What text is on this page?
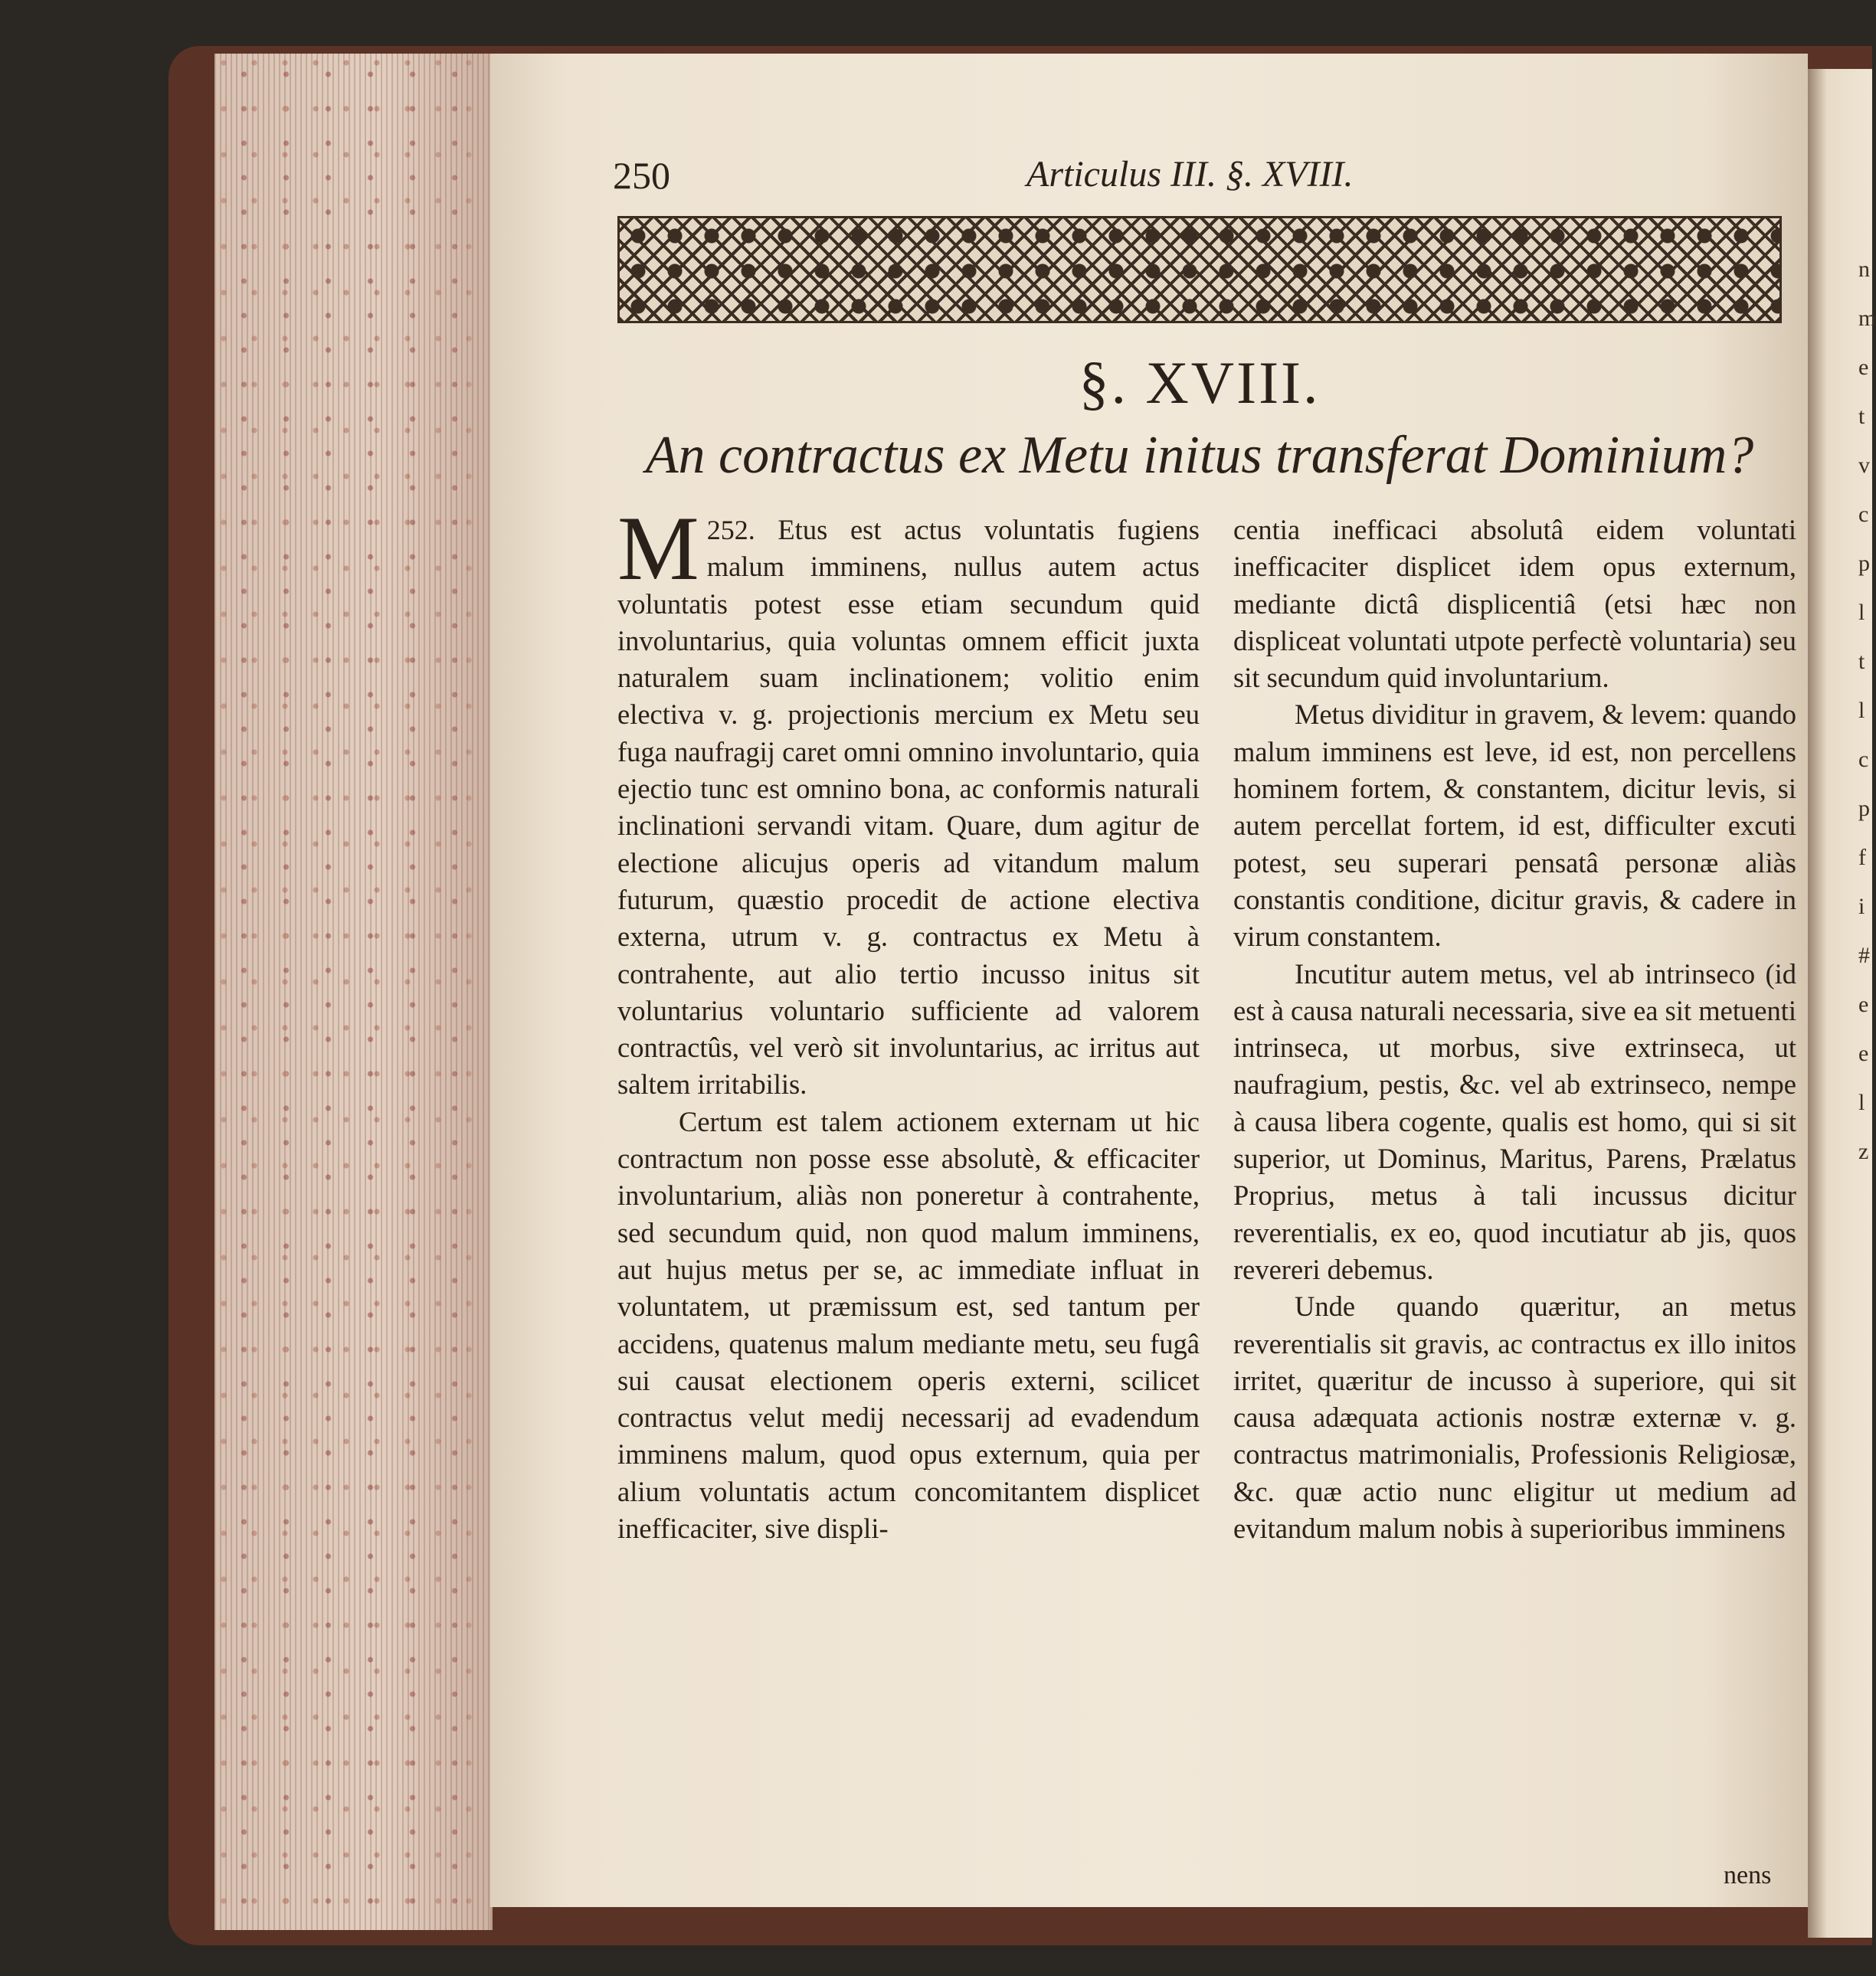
n m e t v c p l t l c p f i # e e l z
250	Articulus III. §. XVIII.
§. XVIII.
An contractus ex Metu initus transferat Dominium?

252.
M	Etus est actus voluntatis fugiens malum imminens, nullus autem actus voluntatis potest esse etiam secundum quid involuntarius, quia voluntas omnem efficit juxta naturalem suam inclinationem; volitio enim electiva v. g. projectionis mercium ex Metu seu fuga naufragij caret omni omnino involuntario, quia ejectio tunc est omnino bona, ac conformis naturali inclinationi servandi vitam. Quare, dum agitur de electione alicujus operis ad vitandum malum futurum, quæstio procedit de actione electiva externa, utrum v. g. contractus ex Metu à contrahente, aut alio tertio incusso initus sit voluntarius voluntario sufficiente ad valorem contractûs, vel verò sit involuntarius, ac irritus aut saltem irritabilis.

Certum est talem actionem externam ut hic contractum non posse esse absolutè, & efficaciter involuntarium, aliàs non poneretur à contrahente, sed secundum quid, non quod malum imminens, aut hujus metus per se, ac immediate influat in voluntatem, ut præmissum est, sed tantum per accidens, quatenus malum mediante metu, seu fugâ sui causat electionem operis externi, scilicet contractus velut medij necessarij ad evadendum imminens malum, quod opus externum, quia per alium voluntatis actum concomitantem displicet inefficaciter, sive displi-

centia inefficaci absolutâ eidem voluntati inefficaciter displicet idem opus externum, mediante dictâ displicentiâ (etsi hæc non displiceat voluntati utpote perfectè voluntaria) seu sit secundum quid involuntarium.

Metus dividitur in gravem, & levem: quando malum imminens est leve, id est, non percellens hominem fortem, & constantem, dicitur levis, si autem percellat fortem, id est, difficulter excuti potest, seu superari pensatâ personæ aliàs constantis conditione, dicitur gravis, & cadere in virum constantem.

Incutitur autem metus, vel ab intrinseco (id est à causa naturali necessaria, sive ea sit metuenti intrinseca, ut morbus, sive extrinseca, ut naufragium, pestis, &c. vel ab extrinseco, nempe à causa libera cogente, qualis est homo, qui si sit superior, ut Dominus, Maritus, Parens, Prælatus Proprius, metus à tali incussus dicitur reverentialis, ex eo, quod incutiatur ab jis, quos revereri debemus.

Unde quando quæritur, an metus reverentialis sit gravis, ac contractus ex illo initos irritet, quæritur de incusso à superiore, qui sit causa adæquata actionis nostræ externæ v. g. contractus matrimonialis, Professionis Religiosæ, &c. quæ actio nunc eligitur ut medium ad evitandum malum nobis à superioribus imminens

nens
